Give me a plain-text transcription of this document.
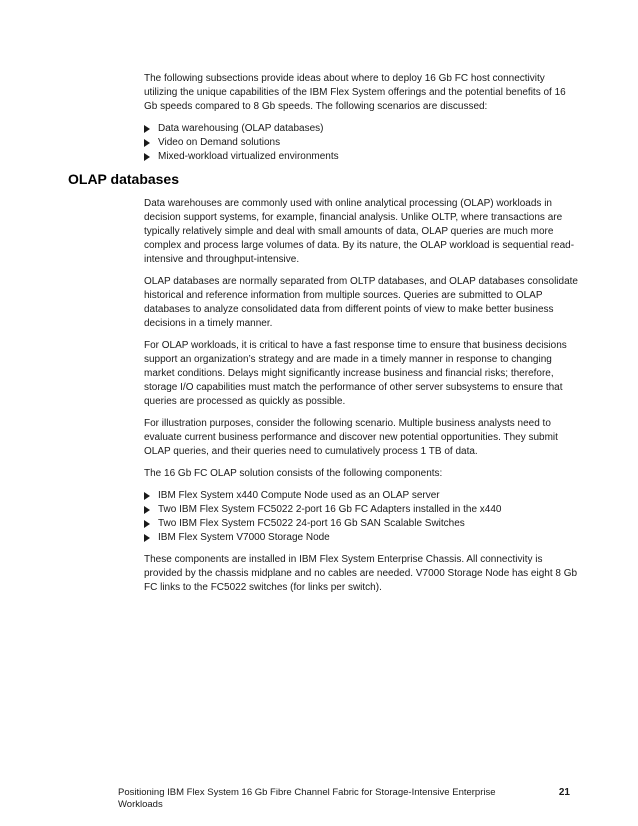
The following subsections provide ideas about where to deploy 16 Gb FC host connectivity utilizing the unique capabilities of the IBM Flex System offerings and the potential benefits of 16 Gb speeds compared to 8 Gb speeds. The following scenarios are discussed:

Data warehousing (OLAP databases)
Video on Demand solutions
Mixed-workload virtualized environments
OLAP databases

Data warehouses are commonly used with online analytical processing (OLAP) workloads in decision support systems, for example, financial analysis. Unlike OLTP, where transactions are typically relatively simple and deal with small amounts of data, OLAP queries are much more complex and process large volumes of data. By its nature, the OLAP workload is sequential read-intensive and throughput-intensive.

OLAP databases are normally separated from OLTP databases, and OLAP databases consolidate historical and reference information from multiple sources. Queries are submitted to OLAP databases to analyze consolidated data from different points of view to make better business decisions in a timely manner.

For OLAP workloads, it is critical to have a fast response time to ensure that business decisions support an organization’s strategy and are made in a timely manner in response to changing market conditions. Delays might significantly increase business and financial risks; therefore, storage I/O capabilities must match the performance of other server subsystems to ensure that queries are processed as quickly as possible.

For illustration purposes, consider the following scenario. Multiple business analysts need to evaluate current business performance and discover new potential opportunities. They submit OLAP queries, and their queries need to cumulatively process 1 TB of data.

The 16 Gb FC OLAP solution consists of the following components:

IBM Flex System x440 Compute Node used as an OLAP server
Two IBM Flex System FC5022 2-port 16 Gb FC Adapters installed in the x440
Two IBM Flex System FC5022 24-port 16 Gb SAN Scalable Switches
IBM Flex System V7000 Storage Node

These components are installed in IBM Flex System Enterprise Chassis. All connectivity is provided by the chassis midplane and no cables are needed. V7000 Storage Node has eight 8 Gb FC links to the FC5022 switches (for links per switch).

Positioning IBM Flex System 16 Gb Fibre Channel Fabric for Storage-Intensive Enterprise Workloads
21
